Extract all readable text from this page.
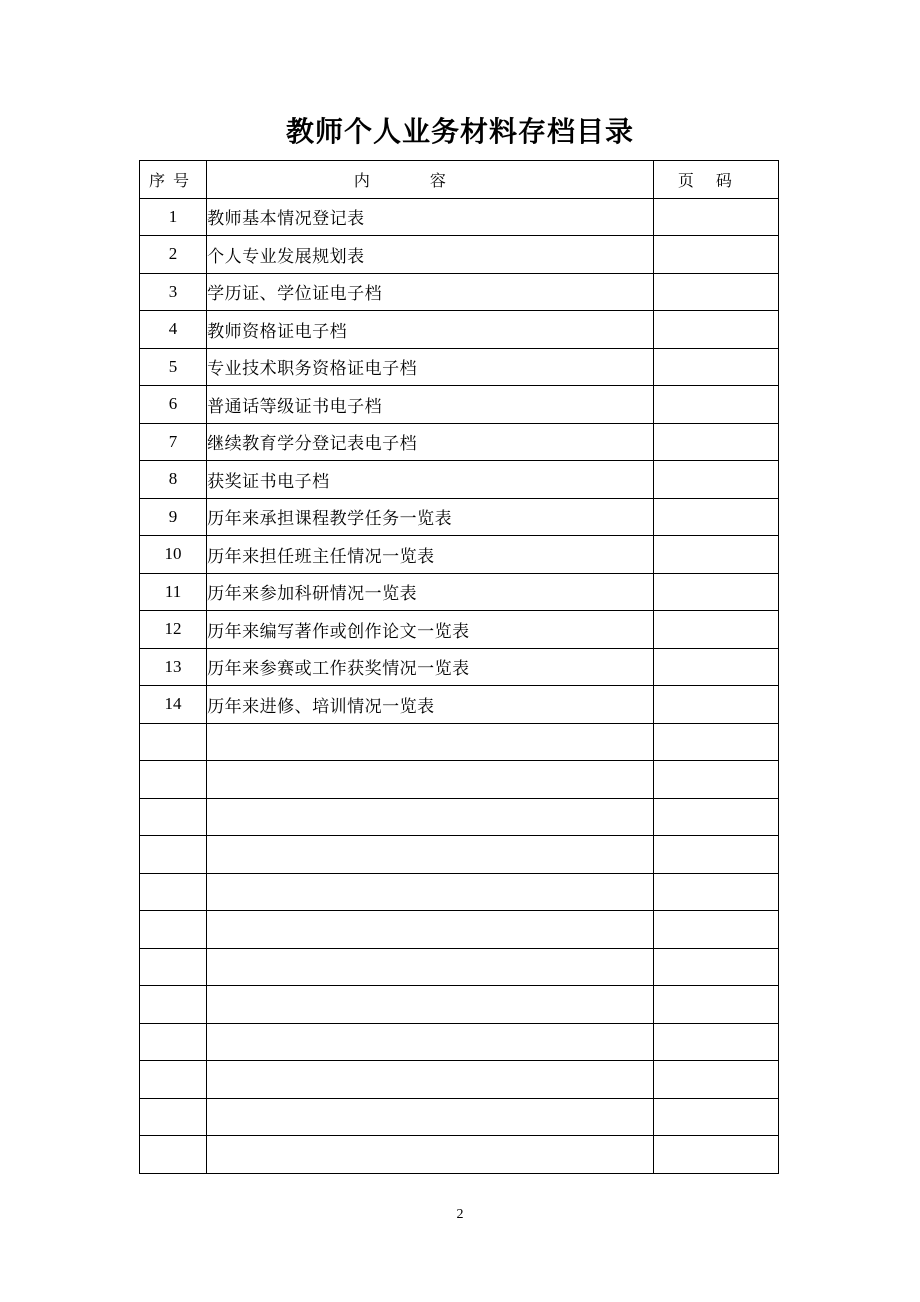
教师个人业务材料存档目录
序号	内容	页码
1	教师基本情况登记表	
2	个人专业发展规划表	
3	学历证、学位证电子档	
4	教师资格证电子档	
5	专业技术职务资格证电子档	
6	普通话等级证书电子档	
7	继续教育学分登记表电子档	
8	获奖证书电子档	
9	历年来承担课程教学任务一览表	
10	历年来担任班主任情况一览表	
11	历年来参加科研情况一览表	
12	历年来编写著作或创作论文一览表	
13	历年来参赛或工作获奖情况一览表	
14	历年来进修、培训情况一览表	

2
